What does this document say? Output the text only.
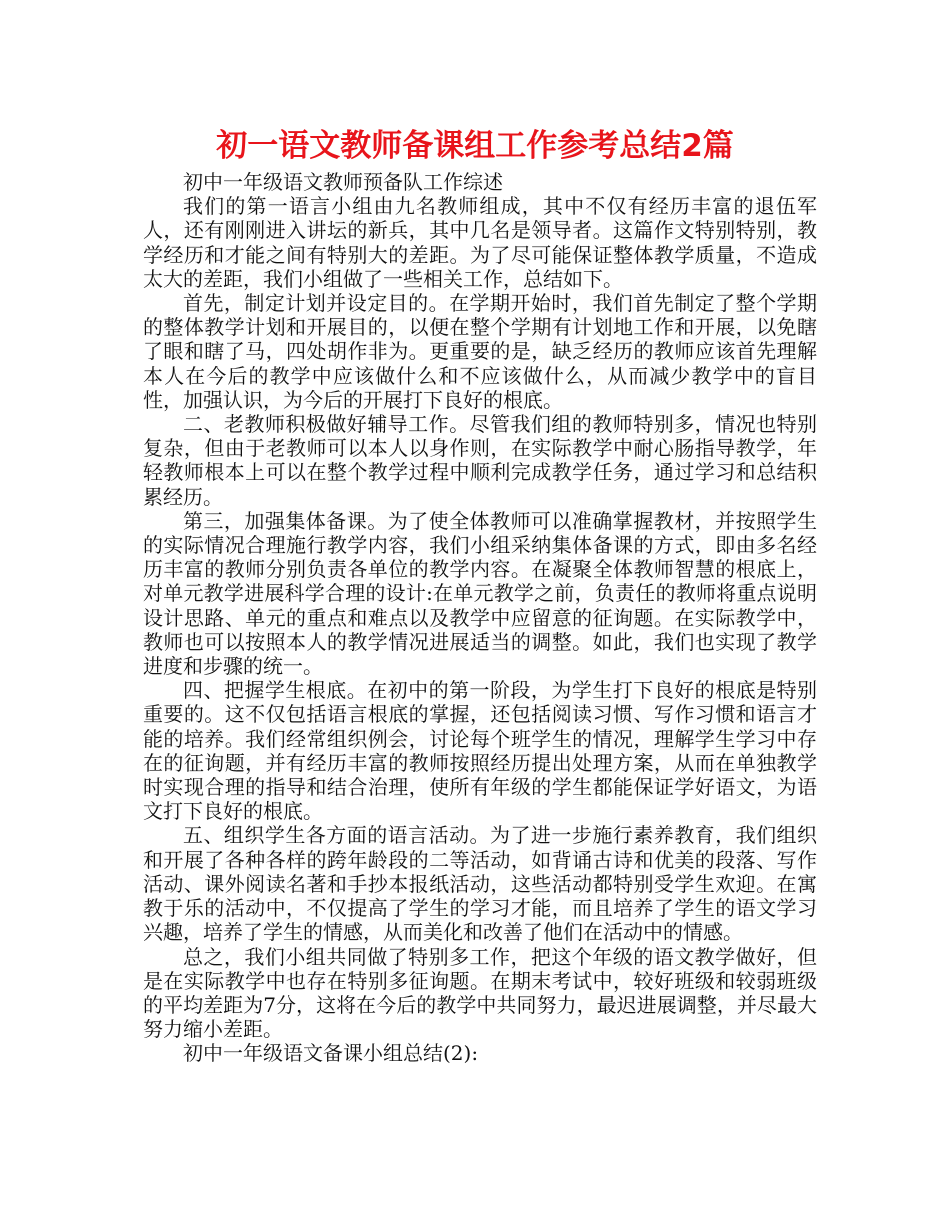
初一语文教师备课组工作参考总结2篇

初中一年级语文教师预备队工作综述

我们的第一语言小组由九名教师组成，其中不仅有经历丰富的退伍军人，还有刚刚进入讲坛的新兵，其中几名是领导者。这篇作文特别特别，教学经历和才能之间有特别大的差距。为了尽可能保证整体教学质量，不造成太大的差距，我们小组做了一些相关工作，总结如下。

首先，制定计划并设定目的。在学期开始时，我们首先制定了整个学期的整体教学计划和开展目的，以便在整个学期有计划地工作和开展，以免瞎了眼和瞎了马，四处胡作非为。更重要的是，缺乏经历的教师应该首先理解本人在今后的教学中应该做什么和不应该做什么，从而减少教学中的盲目性，加强认识，为今后的开展打下良好的根底。

二、老教师积极做好辅导工作。尽管我们组的教师特别多，情况也特别复杂，但由于老教师可以本人以身作则，在实际教学中耐心肠指导教学，年轻教师根本上可以在整个教学过程中顺利完成教学任务，通过学习和总结积累经历。

第三，加强集体备课。为了使全体教师可以准确掌握教材，并按照学生的实际情况合理施行教学内容，我们小组采纳集体备课的方式，即由多名经历丰富的教师分别负责各单位的教学内容。在凝聚全体教师智慧的根底上，对单元教学进展科学合理的设计:在单元教学之前，负责任的教师将重点说明设计思路、单元的重点和难点以及教学中应留意的征询题。在实际教学中，教师也可以按照本人的教学情况进展适当的调整。如此，我们也实现了教学进度和步骤的统一。

四、把握学生根底。在初中的第一阶段，为学生打下良好的根底是特别重要的。这不仅包括语言根底的掌握，还包括阅读习惯、写作习惯和语言才能的培养。我们经常组织例会，讨论每个班学生的情况，理解学生学习中存在的征询题，并有经历丰富的教师按照经历提出处理方案，从而在单独教学时实现合理的指导和结合治理，使所有年级的学生都能保证学好语文，为语文打下良好的根底。

五、组织学生各方面的语言活动。为了进一步施行素养教育，我们组织和开展了各种各样的跨年龄段的二等活动，如背诵古诗和优美的段落、写作活动、课外阅读名著和手抄本报纸活动，这些活动都特别受学生欢迎。在寓教于乐的活动中，不仅提高了学生的学习才能，而且培养了学生的语文学习兴趣，培养了学生的情感，从而美化和改善了他们在活动中的情感。

总之，我们小组共同做了特别多工作，把这个年级的语文教学做好，但是在实际教学中也存在特别多征询题。在期末考试中，较好班级和较弱班级的平均差距为7分，这将在今后的教学中共同努力，最迟进展调整，并尽最大努力缩小差距。

初中一年级语文备课小组总结(2):
